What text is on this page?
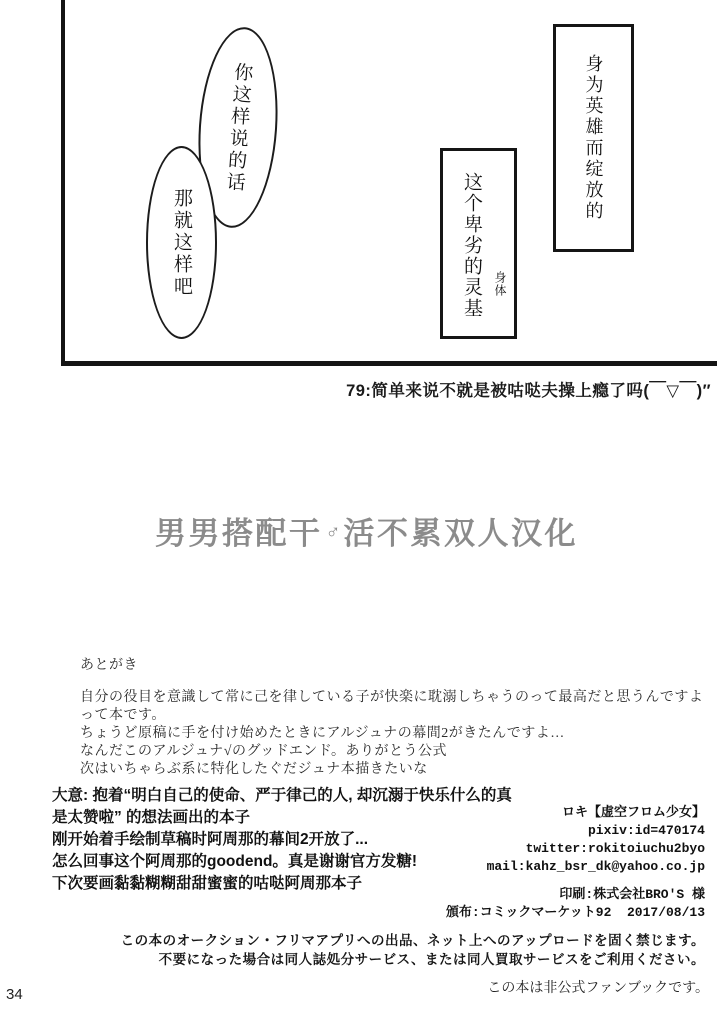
你这样说的话
那就这样吧
身为英雄而绽放的
这个卑劣的灵基 身体
79:简单来说不就是被咕哒夫操上瘾了吗(￣▽￣)″
男男搭配干 ♂活不累双人汉化
あとがき
自分の役目を意識して常に己を律している子が快楽に耽溺しちゃうのって最高だと思うんですよ
って本です。
ちょうど原稿に手を付け始めたときにアルジュナの幕間2がきたんですよ…
なんだこのアルジュナ√のグッドエンド。ありがとう公式
次はいちゃらぶ系に特化したぐだジュナ本描きたいな
大意: 抱着“明白自己的使命、严于律己的人, 却沉溺于快乐什么的真
是太赞啦” 的想法画出的本子
刚开始着手绘制草稿时阿周那的幕间2开放了...
怎么回事这个阿周那的goodend。真是谢谢官方发糖!
下次要画黏黏糊糊甜甜蜜蜜的咕哒阿周那本子
ロキ【虚空フロム少女】
pixiv:id=470174
twitter:rokitoiuchu2byo
mail:kahz_bsr_dk@yahoo.co.jp
印刷:株式会社BRO'S 様
頒布:コミックマーケット92  2017/08/13
この本のオークション・フリマアプリへの出品、ネット上へのアップロードを固く禁じます。
不要になった場合は同人誌処分サービス、または同人買取サービスをご利用ください。
この本は非公式ファンブックです。
34
